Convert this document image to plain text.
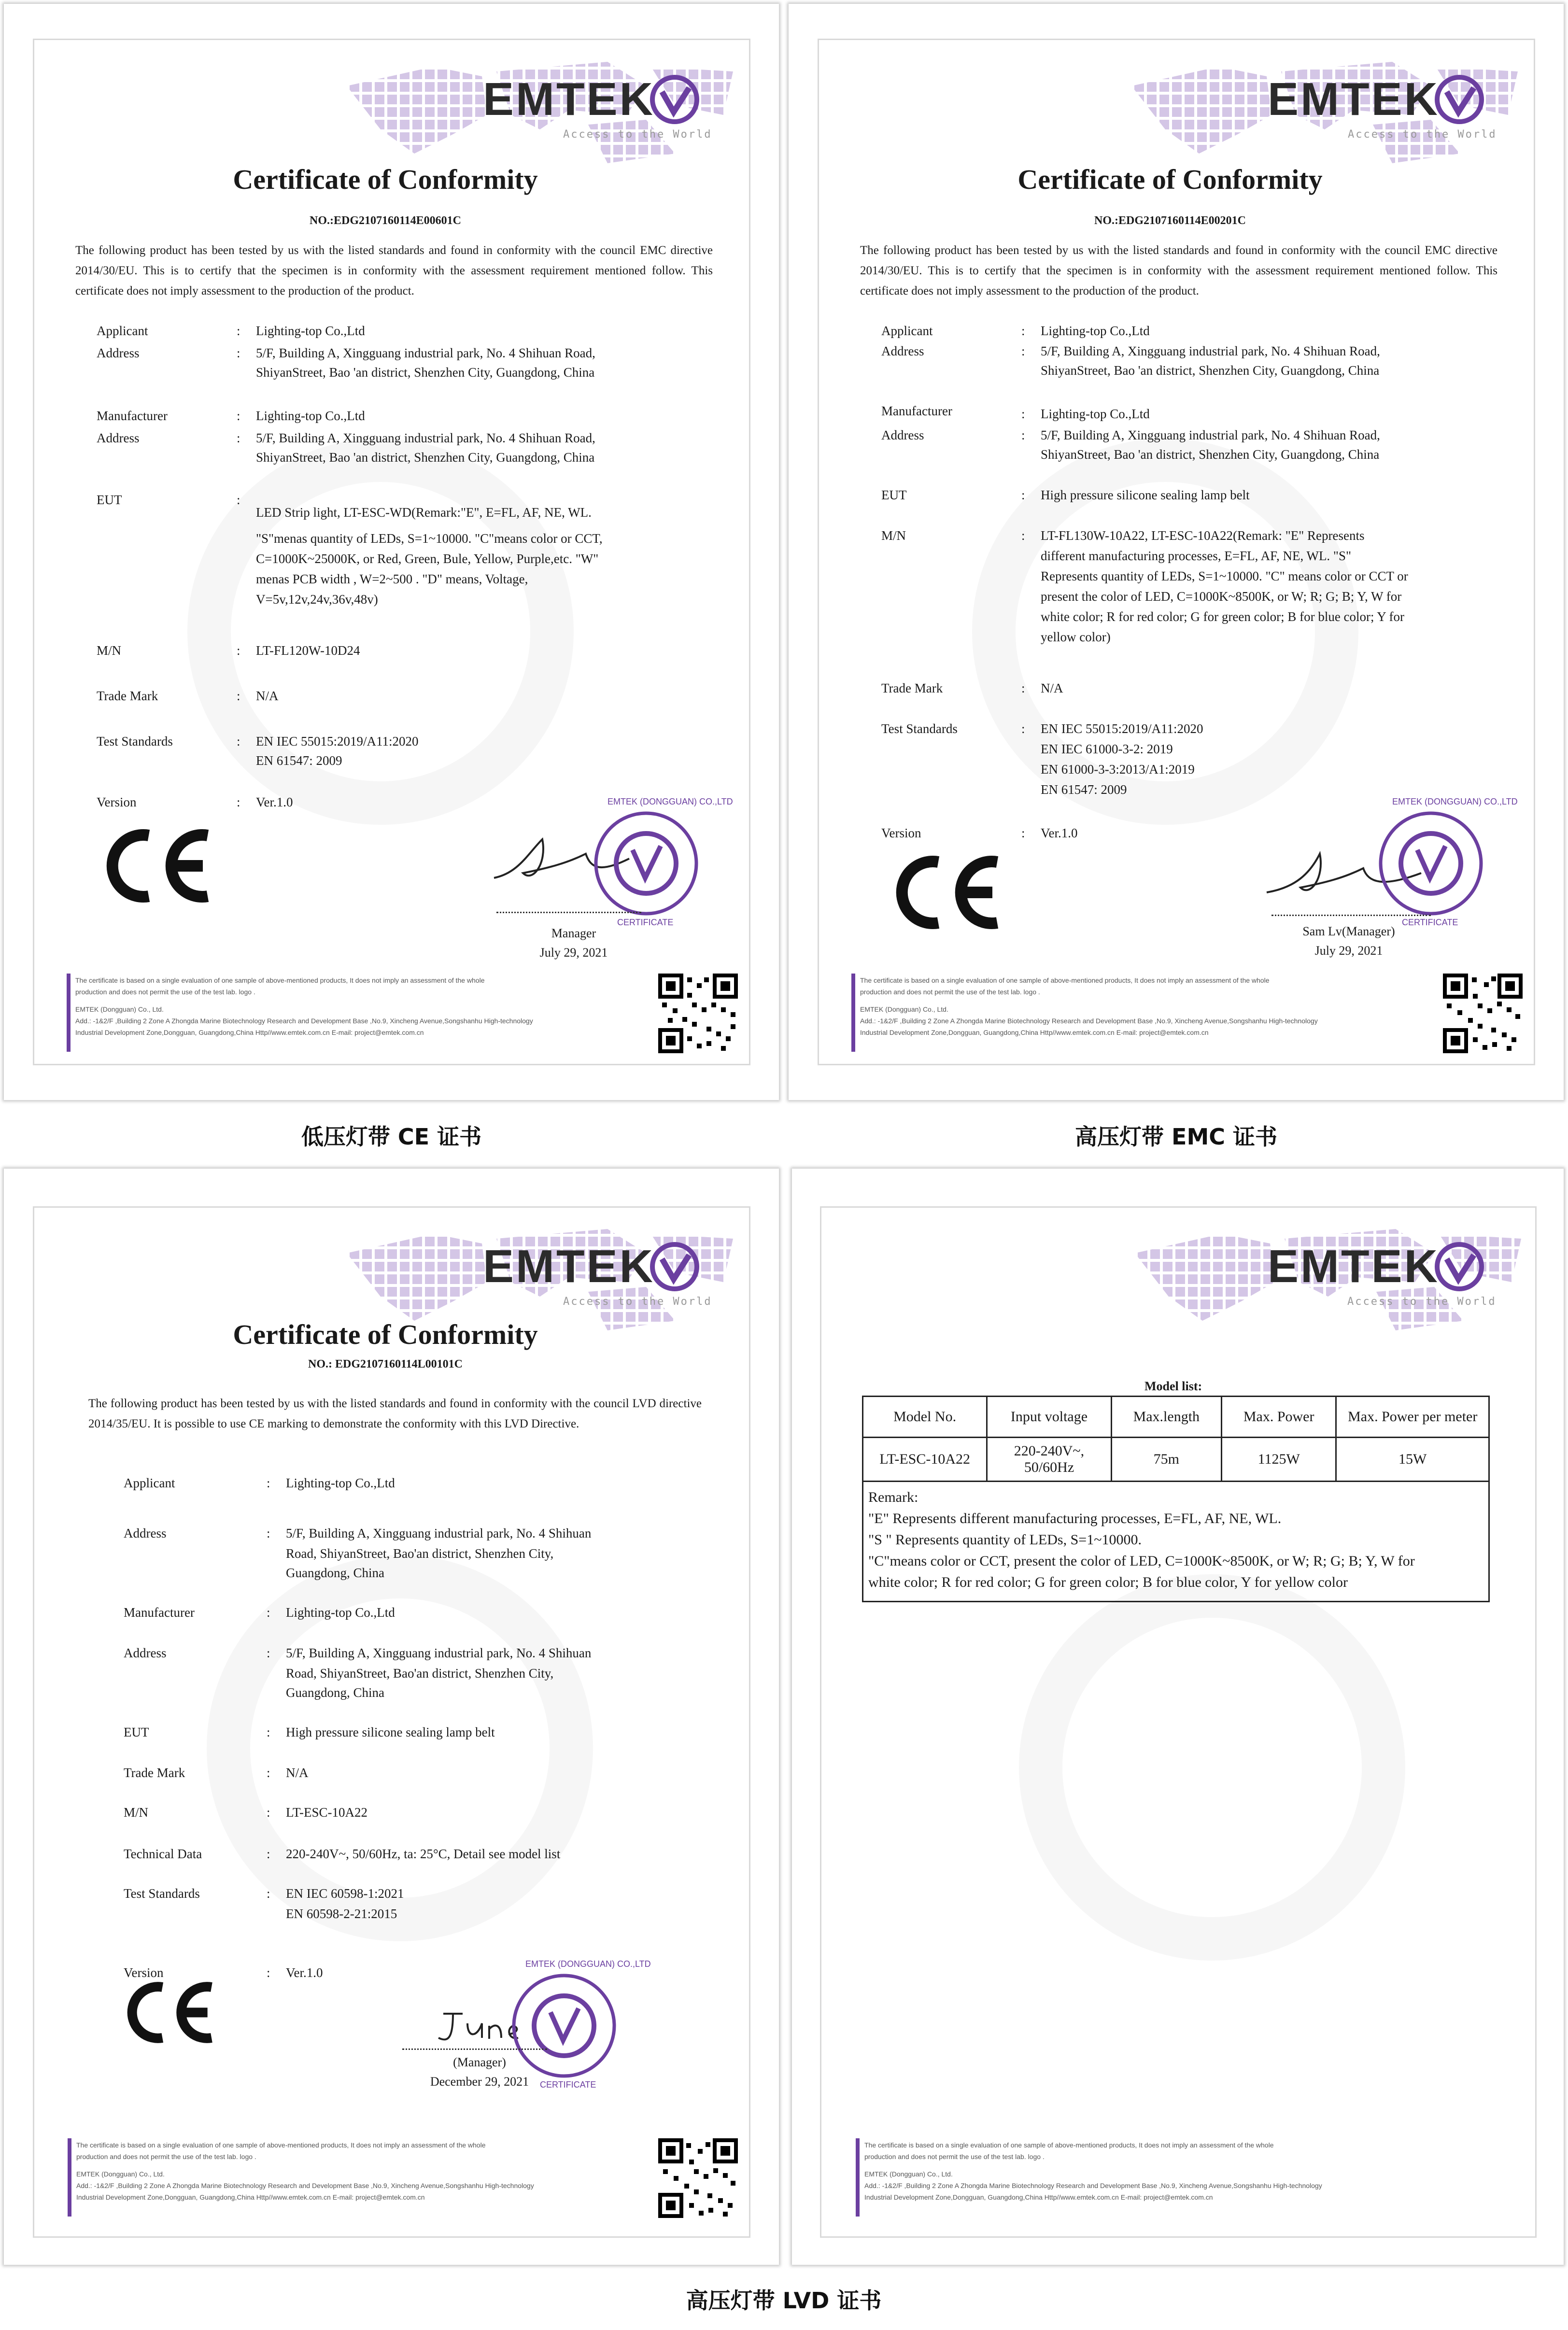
EMTEK
Access to the World
Certificate of Conformity
NO.:EDG2107160114E00601C
The following product has been tested by us with the listed standards and found in conformity with the council EMC directive 2014/30/EU. This is to certify that the specimen is in conformity with the assessment requirement mentioned follow. This certificate does not imply assessment to the production of the product.
Applicant	: Lighting-top Co.,Ltd
Address	: 5/F, Building A, Xingguang industrial park, No. 4 Shihuan Road,
ShiyanStreet, Bao 'an district, Shenzhen City, Guangdong, China
Manufacturer	: Lighting-top Co.,Ltd
Address	: 5/F, Building A, Xingguang industrial park, No. 4 Shihuan Road,
ShiyanStreet, Bao 'an district, Shenzhen City, Guangdong, China
EUT	:
LED Strip light, LT-ESC-WD(Remark:"E", E=FL, AF, NE, WL.
"S"menas quantity of LEDs, S=1~10000. "C"means color or CCT,
C=1000K~25000K, or Red, Green, Bule, Yellow, Purple,etc. "W"
menas PCB width , W=2~500 . "D" means, Voltage,
V=5v,12v,24v,36v,48v)
M/N	: LT-FL120W-10D24
Trade Mark	: N/A
Test Standards	: EN IEC 55015:2019/A11:2020
EN 61547: 2009
Version	: Ver.1.0	EMTEK (DONGGUAN) CO.,LTD
CERTIFICATE
Manager
July 29, 2021
The certificate is based on a single evaluation of one sample of above-mentioned products, It does not imply an assessment of the whole
production and does not permit the use of the test lab. logo .
EMTEK (Dongguan) Co., Ltd.
Add.: -1&2/F ,Building 2 Zone A Zhongda Marine Biotechnology Research and Development Base ,No.9, Xincheng Avenue,Songshanhu High-technology
Industrial Development Zone,Dongguan, Guangdong,China Http//www.emtek.com.cn E-mail: project@emtek.com.cn
低压灯带 CE 证书
EMTEK
Access to the World
Certificate of Conformity
NO.:EDG2107160114E00201C
The following product has been tested by us with the listed standards and found in conformity with the council EMC directive 2014/30/EU. This is to certify that the specimen is in conformity with the assessment requirement mentioned follow. This certificate does not imply assessment to the production of the product.
Applicant	: Lighting-top Co.,Ltd
Address	: 5/F, Building A, Xingguang industrial park, No. 4 Shihuan Road,
ShiyanStreet, Bao 'an district, Shenzhen City, Guangdong, China
Manufacturer	: Lighting-top Co.,Ltd
Address	: 5/F, Building A, Xingguang industrial park, No. 4 Shihuan Road,
ShiyanStreet, Bao 'an district, Shenzhen City, Guangdong, China
EUT	: High pressure silicone sealing lamp belt
M/N	: LT-FL130W-10A22, LT-ESC-10A22(Remark: "E" Represents
different manufacturing processes, E=FL, AF, NE, WL. "S"
Represents quantity of LEDs, S=1~10000. "C" means color or CCT or
present the color of LED, C=1000K~8500K, or W; R; G; B; Y, W for
white color; R for red color; G for green color; B for blue color; Y for
yellow color)
Trade Mark	: N/A
Test Standards	: EN IEC 55015:2019/A11:2020
EN IEC 61000-3-2: 2019
EN 61000-3-3:2013/A1:2019
EN 61547: 2009
Version	: Ver.1.0
EMTEK (DONGGUAN) CO.,LTD
CERTIFICATE
Sam Lv(Manager)
July 29, 2021
The certificate is based on a single evaluation of one sample of above-mentioned products, It does not imply an assessment of the whole
production and does not permit the use of the test lab. logo .
EMTEK (Dongguan) Co., Ltd.
Add.: -1&2/F ,Building 2 Zone A Zhongda Marine Biotechnology Research and Development Base ,No.9, Xincheng Avenue,Songshanhu High-technology
Industrial Development Zone,Dongguan, Guangdong,China Http//www.emtek.com.cn E-mail: project@emtek.com.cn
高压灯带 EMC 证书
EMTEK
Access to the World
Certificate of Conformity
NO.: EDG2107160114L00101C
The following product has been tested by us with the listed standards and found in conformity with the council LVD directive 2014/35/EU. It is possible to use CE marking to demonstrate the conformity with this LVD Directive.
Applicant	: Lighting-top Co.,Ltd
Address	: 5/F, Building A, Xingguang industrial park, No. 4 Shihuan
Road, ShiyanStreet, Bao'an district, Shenzhen City,
Guangdong, China
Manufacturer	: Lighting-top Co.,Ltd
Address	: 5/F, Building A, Xingguang industrial park, No. 4 Shihuan
Road, ShiyanStreet, Bao'an district, Shenzhen City,
Guangdong, China
EUT	: High pressure silicone sealing lamp belt
Trade Mark	: N/A
M/N	: LT-ESC-10A22
Technical Data	: 220-240V~, 50/60Hz, ta: 25°C, Detail see model list
Test Standards	: EN IEC 60598-1:2021
EN 60598-2-21:2015
Version	: Ver.1.0
EMTEK (DONGGUAN) CO.,LTD
CERTIFICATE
(Manager)
December 29, 2021
The certificate is based on a single evaluation of one sample of above-mentioned products, It does not imply an assessment of the whole
production and does not permit the use of the test lab. logo .
EMTEK (Dongguan) Co., Ltd.
Add.: -1&2/F ,Building 2 Zone A Zhongda Marine Biotechnology Research and Development Base ,No.9, Xincheng Avenue,Songshanhu High-technology
Industrial Development Zone,Dongguan, Guangdong,China Http//www.emtek.com.cn E-mail: project@emtek.com.cn
高压灯带 LVD 证书
EMTEK
Access to the World
Model list:
Model No.	Input voltage	Max.length	Max. Power	Max. Power per meter
LT-ESC-10A22	220-240V~, 50/60Hz	75m	1125W	15W

Remark:
"E" Represents different manufacturing processes, E=FL, AF, NE, WL.
"S " Represents quantity of LEDs, S=1~10000.
"C"means color or CCT, present the color of LED, C=1000K~8500K, or W; R; G; B; Y, W for
white color; R for red color; G for green color; B for blue color, Y for yellow color				
The certificate is based on a single evaluation of one sample of above-mentioned products, It does not imply an assessment of the whole
production and does not permit the use of the test lab. logo .
EMTEK (Dongguan) Co., Ltd.
Add.: -1&2/F ,Building 2 Zone A Zhongda Marine Biotechnology Research and Development Base ,No.9, Xincheng Avenue,Songshanhu High-technology
Industrial Development Zone,Dongguan, Guangdong,China Http//www.emtek.com.cn E-mail: project@emtek.com.cn
